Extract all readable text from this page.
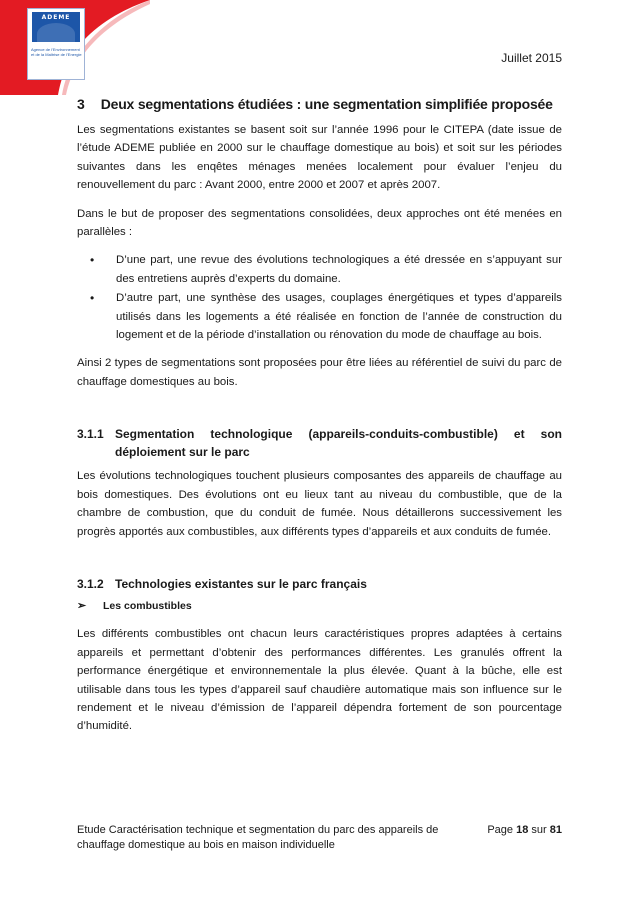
ADEME
Agence de l'Environnement et de la Maîtrise de l'Energie	Juillet 2015
3 Deux segmentations étudiées : une segmentation simplifiée proposée

Les segmentations existantes se basent soit sur l’année 1996 pour le CITEPA (date issue de l’étude ADEME publiée en 2000 sur le chauffage domestique au bois) et soit sur les périodes suivantes dans les enqêtes ménages menées localement pour évaluer l’enjeu du renouvellement du parc : Avant 2000, entre 2000 et 2007 et après 2007.

Dans le but de proposer des segmentations consolidées, deux approches ont été menées en parallèles :

• D’une part, une revue des évolutions technologiques a été dressée en s’appuyant sur des entretiens auprès d’experts du domaine.
• D’autre part, une synthèse des usages, couplages énergétiques et types d’appareils utilisés dans les logements a été réalisée en fonction de l’année de construction du logement et de la période d’installation ou rénovation du mode de chauffage au bois.

Ainsi 2 types de segmentations sont proposées pour être liées au référentiel de suivi du parc de chauffage domestiques au bois.

3.1.1 Segmentation technologique (appareils-conduits-combustible) et son déploiement sur le parc

Les évolutions technologiques touchent plusieurs composantes des appareils de chauffage au bois domestiques. Des évolutions ont eu lieux tant au niveau du combustible, que de la chambre de combustion, que du conduit de fumée. Nous détaillerons successivement les progrès apportés aux combustibles, aux différents types d’appareils et aux conduits de fumée.

3.1.2 Technologies existantes sur le parc français
➢	Les combustibles

Les différents combustibles ont chacun leurs caractéristiques propres adaptées à certains appareils et permettant d’obtenir des performances différentes. Les granulés offrent la performance énergétique et environnementale la plus élevée. Quant à la bûche, elle est utilisable dans tous les types d’appareil sauf chaudière automatique mais son influence sur le rendement et le niveau d’émission de l’appareil dépendra fortement de son pourcentage d’humidité.

Etude Caractérisation technique et segmentation du parc des appareils de chauffage domestique au bois en maison individuelle
Page 18 sur 81
